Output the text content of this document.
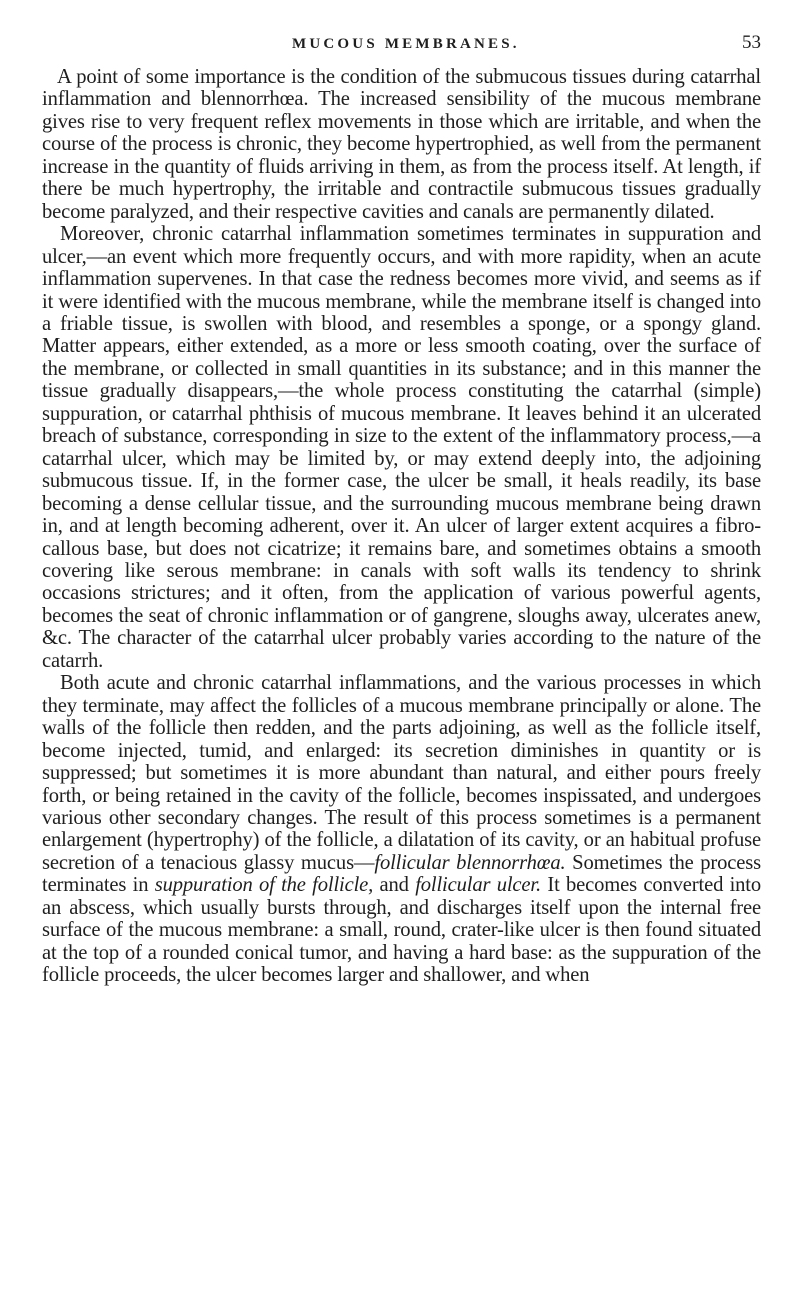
MUCOUS MEMBRANES.	53

A point of some importance is the condition of the submucous tissues during catarrhal inflammation and blennorrhœa. The increased sensibility of the mucous membrane gives rise to very frequent reflex movements in those which are irritable, and when the course of the process is chronic, they become hypertrophied, as well from the permanent increase in the quantity of fluids arriving in them, as from the process itself. At length, if there be much hypertrophy, the irritable and contractile submucous tissues gradually become paralyzed, and their respective cavities and canals are permanently dilated.

Moreover, chronic catarrhal inflammation sometimes terminates in suppuration and ulcer,—an event which more frequently occurs, and with more rapidity, when an acute inflammation supervenes. In that case the redness becomes more vivid, and seems as if it were identified with the mucous membrane, while the membrane itself is changed into a friable tissue, is swollen with blood, and resembles a sponge, or a spongy gland. Matter appears, either extended, as a more or less smooth coating, over the surface of the membrane, or collected in small quantities in its substance; and in this manner the tissue gradually disappears,—the whole process constituting the catarrhal (simple) suppuration, or catarrhal phthisis of mucous membrane. It leaves behind it an ulcerated breach of substance, corresponding in size to the extent of the inflammatory process,—a catarrhal ulcer, which may be limited by, or may extend deeply into, the adjoining submucous tissue. If, in the former case, the ulcer be small, it heals readily, its base becoming a dense cellular tissue, and the surrounding mucous membrane being drawn in, and at length becoming adherent, over it. An ulcer of larger extent acquires a fibro-callous base, but does not cicatrize; it remains bare, and sometimes obtains a smooth covering like serous membrane: in canals with soft walls its tendency to shrink occasions strictures; and it often, from the application of various powerful agents, becomes the seat of chronic inflammation or of gangrene, sloughs away, ulcerates anew, &c. The character of the catarrhal ulcer probably varies according to the nature of the catarrh.

Both acute and chronic catarrhal inflammations, and the various processes in which they terminate, may affect the follicles of a mucous membrane principally or alone. The walls of the follicle then redden, and the parts adjoining, as well as the follicle itself, become injected, tumid, and enlarged: its secretion diminishes in quantity or is suppressed; but sometimes it is more abundant than natural, and either pours freely forth, or being retained in the cavity of the follicle, becomes inspissated, and undergoes various other secondary changes. The result of this process sometimes is a permanent enlargement (hypertrophy) of the follicle, a dilatation of its cavity, or an habitual profuse secretion of a tenacious glassy mucus—follicular blennorrhœa. Sometimes the process terminates in suppuration of the follicle, and follicular ulcer. It becomes converted into an abscess, which usually bursts through, and discharges itself upon the internal free surface of the mucous membrane: a small, round, crater-like ulcer is then found situated at the top of a rounded conical tumor, and having a hard base: as the suppuration of the follicle proceeds, the ulcer becomes larger and shallower, and when
